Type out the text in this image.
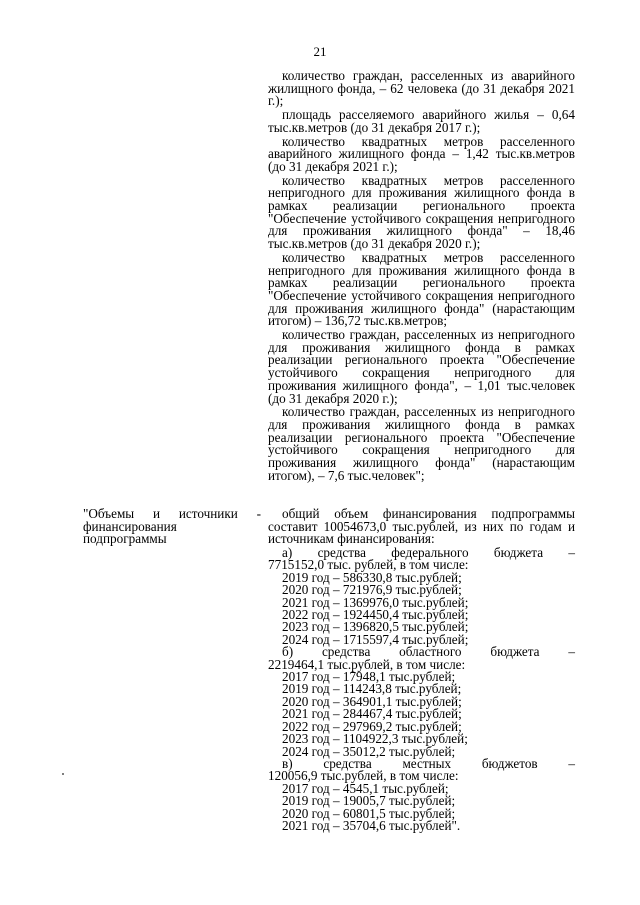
21

количество граждан, расселенных из аварийного жилищного фонда, – 62 человека (до 31 декабря 2021 г.);

площадь расселяемого аварийного жилья – 0,64 тыс.кв.метров (до 31 декабря 2017 г.);

количество квадратных метров расселенного аварийного жилищного фонда – 1,42 тыс.кв.метров (до 31 декабря 2021 г.);

количество квадратных метров расселенного непригодного для проживания жилищного фонда в рамках реализации регионального проекта "Обеспечение устойчивого сокращения непригодного для проживания жилищного фонда" – 18,46 тыс.кв.метров (до 31 декабря 2020 г.);

количество квадратных метров расселенного непригодного для проживания жилищного фонда в рамках реализации регионального проекта "Обеспечение устойчивого сокращения непригодного для проживания жилищного фонда" (нарастающим итогом) – 136,72 тыс.кв.метров;

количество граждан, расселенных из непригодного для проживания жилищного фонда в рамках реализации регионального проекта "Обеспечение устойчивого сокращения непригодного для проживания жилищного фонда", – 1,01 тыс.человек (до 31 декабря 2020 г.);

количество граждан, расселенных из непригодного для проживания жилищного фонда в рамках реализации регионального проекта "Обеспечение устойчивого сокращения непригодного для проживания жилищного фонда" (нарастающим итогом), – 7,6 тыс.человек";

"Объемы и источники - финансирования подпрограммы

общий объем финансирования подпрограммы составит 10054673,0 тыс.рублей, из них по годам и источникам финансирования:

а) средства федерального бюджета –
7715152,0 тыс. рублей, в том числе:
2019 год – 586330,8 тыс.рублей;
2020 год – 721976,9 тыс.рублей;
2021 год – 1369976,0 тыс.рублей;
2022 год – 1924450,4 тыс.рублей;
2023 год – 1396820,5 тыс.рублей;
2024 год – 1715597,4 тыс.рублей;
б) средства областного бюджета –
2219464,1 тыс.рублей, в том числе:
2017 год – 17948,1 тыс.рублей;
2019 год – 114243,8 тыс.рублей;
2020 год – 364901,1 тыс.рублей;
2021 год – 284467,4 тыс.рублей;
2022 год – 297969,2 тыс.рублей;
2023 год – 1104922,3 тыс.рублей;
2024 год – 35012,2 тыс.рублей;
в) средства местных бюджетов –
120056,9 тыс.рублей, в том числе:
2017 год – 4545,1 тыс.рублей;
2019 год – 19005,7 тыс.рублей;
2020 год – 60801,5 тыс.рублей;
2021 год – 35704,6 тыс.рублей".
